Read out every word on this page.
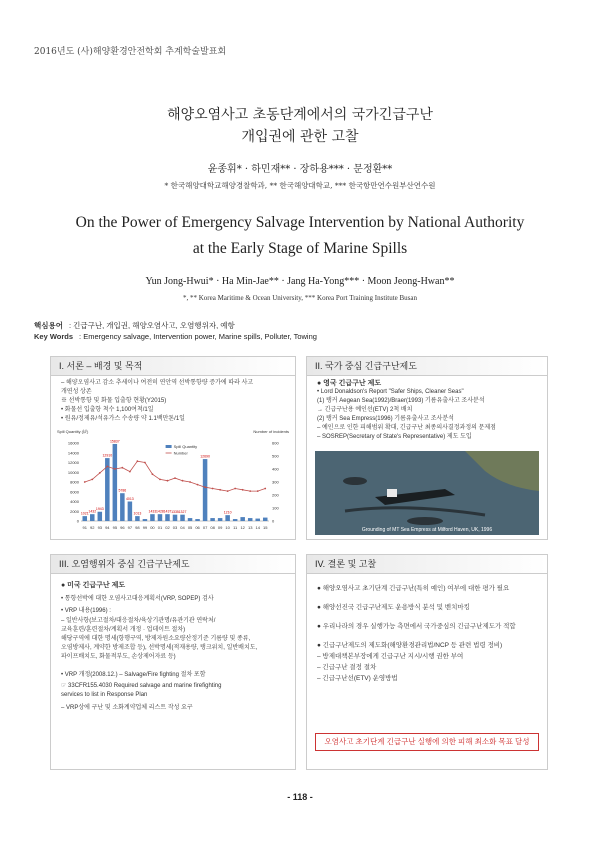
2016년도 (사)해양환경안전학회 추계학술발표회
해양오염사고 초동단계에서의 국가긴급구난
개입권에 관한 고찰
윤종휘* · 하민재** · 장하용*** · 문정환**
* 한국해양대학교해양경찰학과, ** 한국해양대학교, *** 한국항만연수원부산연수원
On the Power of Emergency Salvage Intervention by National Authority
at the Early Stage of Marine Spills
Yun Jong-Hwui* · Ha Min-Jae** · Jang Ha-Yong*** · Moon Jeong-Hwan**
*, ** Korea Maritime & Ocean University, *** Korea Port Training Institute Busan
핵심용어 : 긴급구난, 개입권, 해양오염사고, 오염행위자, 예항
Key Words : Emergency salvage, Intervention power, Marine spills, Polluter, Towing
I. 서론 – 배경 및 목적
– 해양오염사고 감소 추세이나 여전히 연안역 선박통항량 증가에 따라 사고
개연성 상존
※ 선박통항 및 화물 입출항 현황(Y2015)
• 화물선 입출항 척수 1,100여척/1일
• 원유/정제유/석유가스 수송량 약 1.1백만톤/1일
Spill Quantity (㎘)	Number of incidents
0
2000
4000
6000
8000
10000
12000
14000
16000
0
100
200
300
400
500
600
1021 1432
1943
12910
15837
5786
4013
1013 1433 1428 1437 1335 1327
12690
1210
91 92 93 94 95 96 97 98 99 00 01 02 03 04 05 06 07 08 09 10 11 12 13 14 15
Spill Quantity
Number
II. 국가 중심 긴급구난제도
● 영국 긴급구난 제도
• Lord Donaldson's Report "Safer Ships, Cleaner Seas"
(1) 탱커 Aegean Sea(1992)/Braer(1993) 기름유출사고 조사분석
→ 긴급구난용 예인선(ETV) 2척 배치
(2) 탱커 Sea Empress(1996) 기름유출사고 조사분석
– 예인으로 인한 피해범위 확대, 긴급구난 최종의사결정과정의 문제점
– SOSREP(Secretary of State's Representative) 제도 도입
Grounding of MT Sea Empress at Milford Haven, UK, 1996
III. 오염행위자 중심 긴급구난제도
● 미국 긴급구난 제도
• 통항선박에 대한 오염사고대응계획서(VRP, SOPEP) 검사
• VRP 내용(1996) :
– 일반사항(보고절차/대응절차/육상기관명/유관기관 연락처/
교육훈련/훈련절차/계획서 개정 · 업데이트 절차)
해당구역에 대한 명세(항행구역, 방제자원소요량산정기준 기름량 및 종류,
오염방제사, 계약한 방제조합 등), 선박명세(적재용량, 탱크위치, 일반배치도,
파이프배치도, 화물적부도, 손상제어자료 등)
• VRP 개정(2008.12.) – Salvage/Fire fighting 절차 포함
☞ 33CFR155.4030 Required salvage and marine firefighting
services to list in Response Plan
– VRP상에 구난 및 소화계약업체 리스트 작성 요구
IV. 결론 및 고찰
● 해양오염사고 초기단계 긴급구난(특히 예인) 여부에 대한 평가 필요
● 해양선진국 긴급구난제도 운용방식 분석 및 벤치마킹
● 우리나라의 경우 실행가능 측면에서 국가중심의 긴급구난제도가 적합
● 긴급구난제도의 제도화(해양환경관리법/NCP 등 관련 법령 정비)
– 방제대책본부장에게 긴급구난 지시/시행 권한 부여
– 긴급구난 결정 절차
– 긴급구난선(ETV) 운영방법
오염사고 초기단계 긴급구난 실행에 의한 피해 최소화 목표 달성
- 118 -
